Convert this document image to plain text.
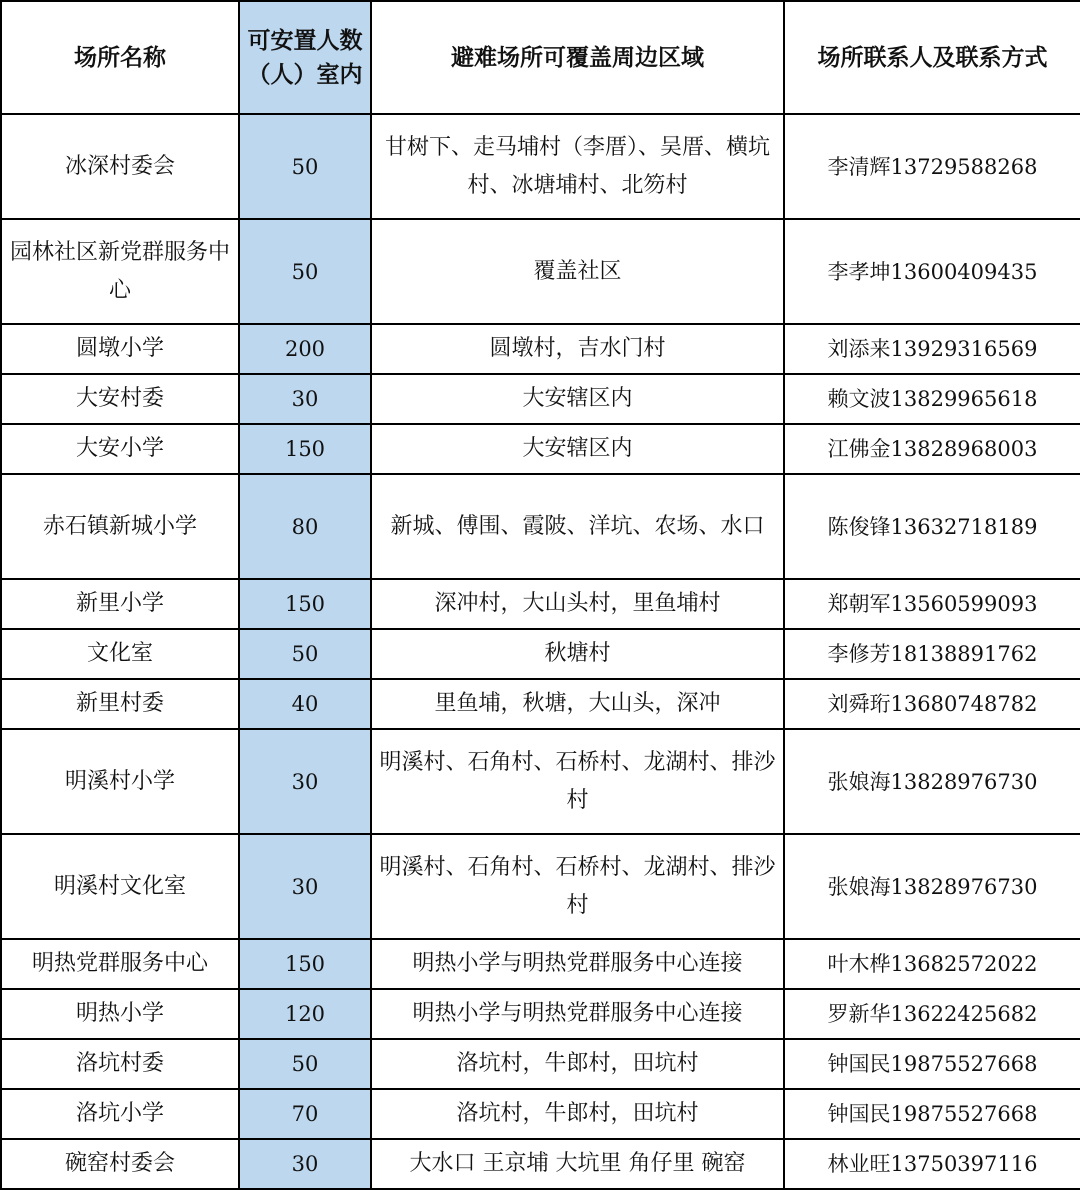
场所名称	可安置人数（人）室内	避难场所可覆盖周边区域	场所联系人及联系方式
冰深村委会	50	甘树下、走马埔村（李厝）、吴厝、横坑村、冰塘埔村、北笏村	李清辉13729588268
园林社区新党群服务中心	50	覆盖社区	李孝坤13600409435
圆墩小学	200	圆墩村，吉水门村	刘添来13929316569
大安村委	30	大安辖区内	赖文波13829965618
大安小学	150	大安辖区内	江佛金13828968003
赤石镇新城小学	80	新城、傅围、霞陂、洋坑、农场、水口	陈俊锋13632718189
新里小学	150	深冲村，大山头村，里鱼埔村	郑朝军13560599093
文化室	50	秋塘村	李修芳18138891762
新里村委	40	里鱼埔，秋塘，大山头，深冲	刘舜珩13680748782
明溪村小学	30	明溪村、石角村、石桥村、龙湖村、排沙村	张娘海13828976730
明溪村文化室	30	明溪村、石角村、石桥村、龙湖村、排沙村	张娘海13828976730
明热党群服务中心	150	明热小学与明热党群服务中心连接	叶木桦13682572022
明热小学	120	明热小学与明热党群服务中心连接	罗新华13622425682
洛坑村委	50	洛坑村，牛郎村，田坑村	钟国民19875527668
洛坑小学	70	洛坑村，牛郎村，田坑村	钟国民19875527668
碗窑村委会	30	大水口 王京埔 大坑里 角仔里 碗窑	林业旺13750397116
